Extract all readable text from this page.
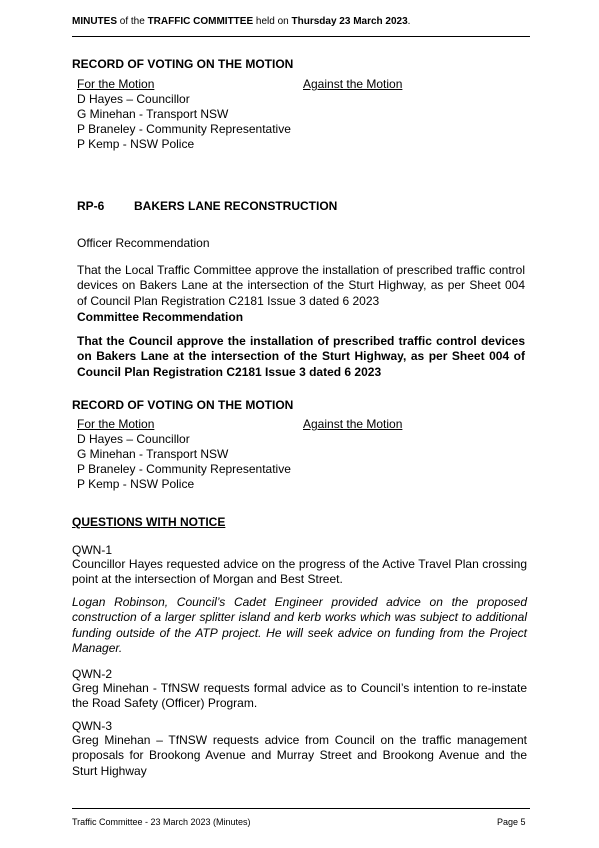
MINUTES of the TRAFFIC COMMITTEE held on Thursday 23 March 2023.
RECORD OF VOTING ON THE MOTION
For the Motion	Against the Motion
D Hayes – Councillor
G Minehan - Transport NSW
P Braneley - Community Representative
P Kemp - NSW Police
RP-6 BAKERS LANE RECONSTRUCTION
Officer Recommendation
That the Local Traffic Committee approve the installation of prescribed traffic control devices on Bakers Lane at the intersection of the Sturt Highway, as per Sheet 004 of Council Plan Registration C2181 Issue 3 dated 6 2023
Committee Recommendation
That the Council approve the installation of prescribed traffic control devices on Bakers Lane at the intersection of the Sturt Highway, as per Sheet 004 of Council Plan Registration C2181 Issue 3 dated 6 2023
RECORD OF VOTING ON THE MOTION
For the Motion	Against the Motion
D Hayes – Councillor
G Minehan - Transport NSW
P Braneley - Community Representative
P Kemp - NSW Police
QUESTIONS WITH NOTICE
QWN-1
Councillor Hayes requested advice on the progress of the Active Travel Plan crossing point at the intersection of Morgan and Best Street.
Logan Robinson, Council’s Cadet Engineer provided advice on the proposed construction of a larger splitter island and kerb works which was subject to additional funding outside of the ATP project. He will seek advice on funding from the Project Manager.
QWN-2
Greg Minehan - TfNSW requests formal advice as to Council’s intention to re-instate the Road Safety (Officer) Program.
QWN-3
Greg Minehan – TfNSW requests advice from Council on the traffic management proposals for Brookong Avenue and Murray Street and Brookong Avenue and the Sturt Highway
Traffic Committee - 23 March 2023 (Minutes)	Page 5
